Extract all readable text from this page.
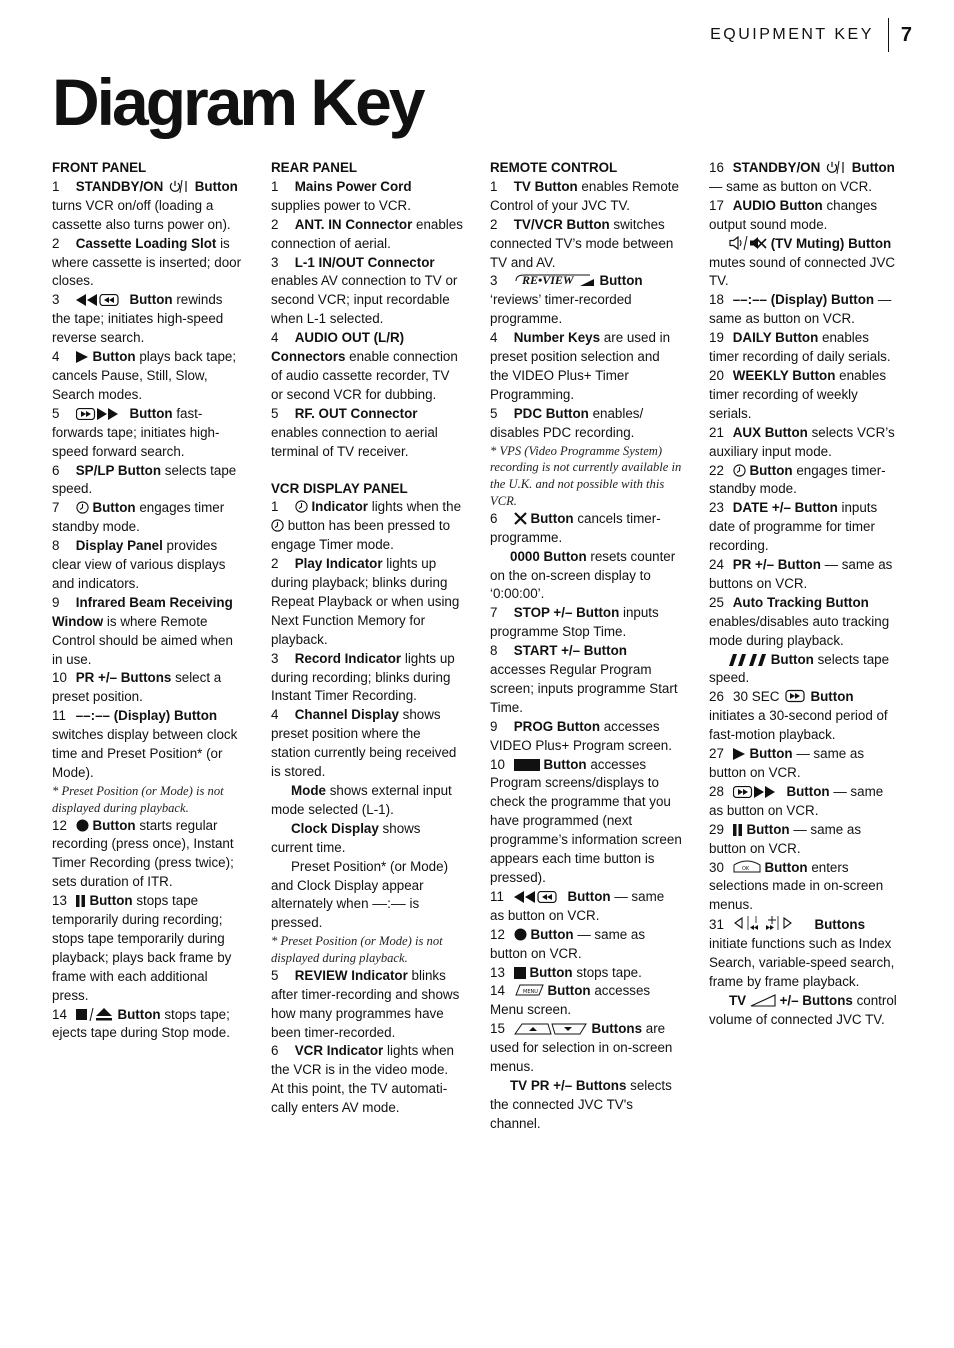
EQUIPMENT KEY	7
Diagram Key
FRONT PANEL
1 STANDBY/ON
Button turns VCR on/off (loading a cassette also turns power on).
2 Cassette Loading Slot is where cassette is inserted; door closes.
3	Button rewinds the tape; initiates high-speed reverse search.
4
Button plays back tape; cancels Pause, Still, Slow, Search modes.
5	Button fast-forwards tape; initiates high-speed forward search.
6 SP/LP Button selects tape speed.
7
Button engages timer standby mode.
8 Display Panel provides clear view of various displays and indicators.
9 Infrared Beam Receiving Window is where Remote Control should be aimed when in use.
10 PR +/– Buttons select a preset position.
11 ––:–– (Display) Button switches display between clock time and Preset Position* (or Mode).
* Preset Position (or Mode) is not displayed during playback.
12
Button starts regular recording (press once), Instant Timer Recording (press twice); sets duration of ITR.
13
Button stops tape temporarily during recording; stops tape temporarily during playback; plays back frame by frame with each additional press.
14	Button stops tape; ejects tape during Stop mode.
REAR PANEL
1 Mains Power Cord supplies power to VCR.
2 ANT. IN Connector enables connection of aerial.
3 L-1 IN/OUT Connector enables AV connection to TV or second VCR; input recordable when L-1 selected.
4 AUDIO OUT (L/R) Connectors enable connection of audio cassette recorder, TV or second VCR for dubbing.
5 RF. OUT Connector enables connection to aerial terminal of TV receiver.
VCR DISPLAY PANEL
1
Indicator lights when the
button has been pressed to engage Timer mode.
2 Play Indicator lights up during playback; blinks during Repeat Playback or when using Next Function Memory for playback.
3 Record Indicator lights up during recording; blinks during Instant Timer Recording.
4 Channel Display shows preset position where the station currently being received is stored.
Mode shows external input mode selected (L-1).
Clock Display shows current time.
Preset Position* (or Mode) and Clock Display appear alternately when ––:–– is pressed.
* Preset Position (or Mode) is not displayed during playback.
5 REVIEW Indicator blinks after timer-recording and shows how many programmes have been timer-recorded.
6 VCR Indicator lights when the VCR is in the video mode. At this point, the TV automati-cally enters AV mode.
REMOTE CONTROL
1 TV Button enables Remote Control of your JVC TV.
2 TV/VCR Button switches connected TV’s mode between TV and AV.
3 RE•VIEW Button ‘reviews’ timer-recorded programme.
4 Number Keys are used in preset position selection and the VIDEO Plus+ Timer Programming.
5 PDC Button enables/ disables PDC recording.
* VPS (Video Programme System) recording is not currently available in the U.K. and not possible with this VCR.
6
Button cancels timer-programme.
0000 Button resets counter on the on-screen display to ‘0:00:00’.
7 STOP +/– Button inputs programme Stop Time.
8 START +/– Button accesses Regular Program screen; inputs programme Start Time.
9 PROG Button accesses VIDEO Plus+ Program screen.
10	Button accesses Program screens/displays to check the programme that you have programmed (next programme’s information screen appears each time button is pressed).
11	Button — same as button on VCR.
12
Button — same as button on VCR.
13
Button stops tape.
14	MENU Button accesses Menu screen.
15	Buttons are used for selection in on-screen menus.
TV PR +/– Buttons selects the connected JVC TV's channel.
16 STANDBY/ON
Button — same as button on VCR.
17 AUDIO Button changes output sound mode.
(TV Muting) Button mutes sound of connected JVC TV.
18 ––:–– (Display) Button — same as button on VCR.
19 DAILY Button enables timer recording of daily serials.
20 WEEKLY Button enables timer recording of weekly serials.
21 AUX Button selects VCR’s auxiliary input mode.
22
Button engages timer-standby mode.
23 DATE +/– Button inputs date of programme for timer recording.
24 PR +/– Button — same as buttons on VCR.
25 Auto Tracking Button enables/disables auto tracking mode during playback.
Button selects tape speed.
26 30 SEC Button initiates a 30-second period of fast-motion playback.
27
Button — same as button on VCR.
28	Button — same as button on VCR.
29
Button — same as button on VCR.
30	OK Button enters selections made in on-screen menus.
31	Buttons initiate functions such as Index Search, variable-speed search, frame by frame playback.
TV
+/– Buttons control volume of connected JVC TV.
